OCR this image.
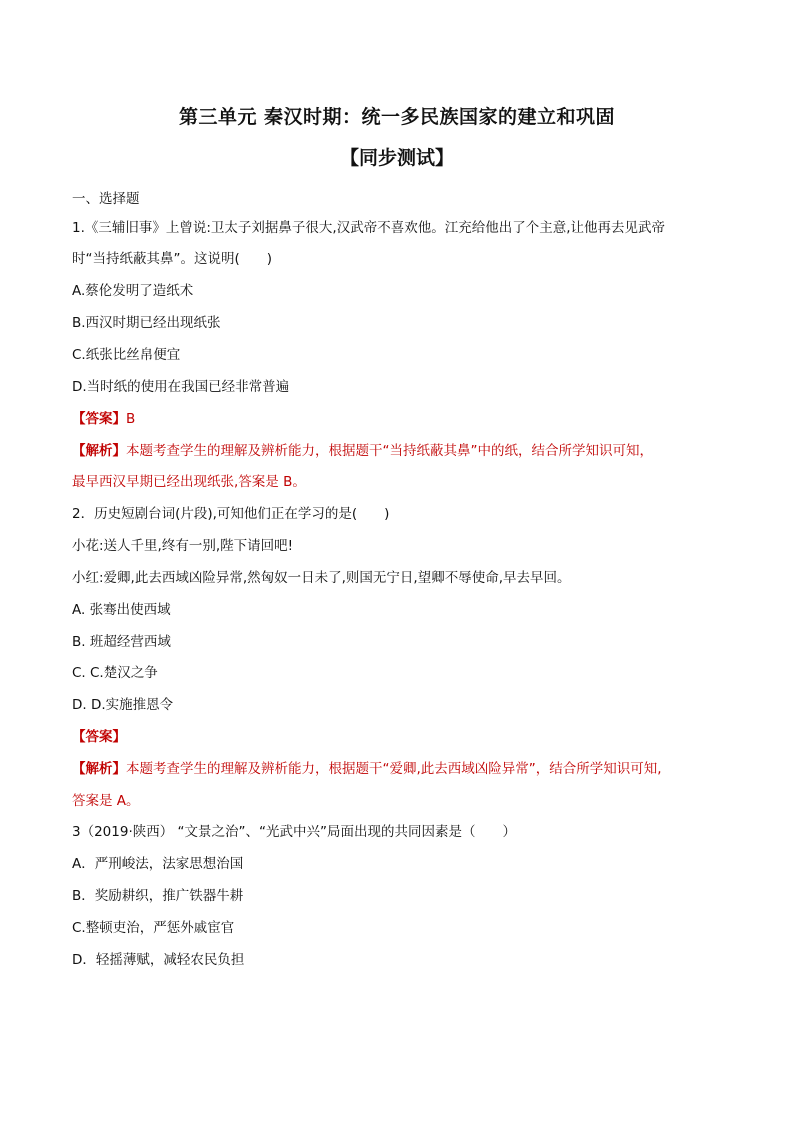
第三单元 秦汉时期：统一多民族国家的建立和巩固
【同步测试】
一、选择题
1.《三辅旧事》上曾说:卫太子刘据鼻子很大,汉武帝不喜欢他。江充给他出了个主意,让他再去见武帝
时“当持纸蔽其鼻”。这说明(　　)
A.蔡伦发明了造纸术
B.西汉时期已经出现纸张
C.纸张比丝帛便宜
D.当时纸的使用在我国已经非常普遍
【答案】B
【解析】本题考查学生的理解及辨析能力，根据题干“当持纸蔽其鼻”中的纸，结合所学知识可知，
最早西汉早期已经出现纸张,答案是 B。
2．历史短剧台词(片段),可知他们正在学习的是(　　)
小花:送人千里,终有一别,陛下请回吧!
小红:爱卿,此去西域凶险异常,然匈奴一日未了,则国无宁日,望卿不辱使命,早去早回。
A. 张骞出使西域
B. 班超经营西域
C. C.楚汉之争
D. D.实施推恩令
【答案】
【解析】本题考查学生的理解及辨析能力，根据题干“爱卿,此去西域凶险异常”，结合所学知识可知,
答案是 A。
3（2019·陕西） “文景之治”、“光武中兴”局面出现的共同因素是（　　）
A．严刑峻法，法家思想治国
B．奖励耕织，推广铁器牛耕
C.整顿吏治，严惩外戚宦官
D．轻摇薄赋，减轻农民负担
